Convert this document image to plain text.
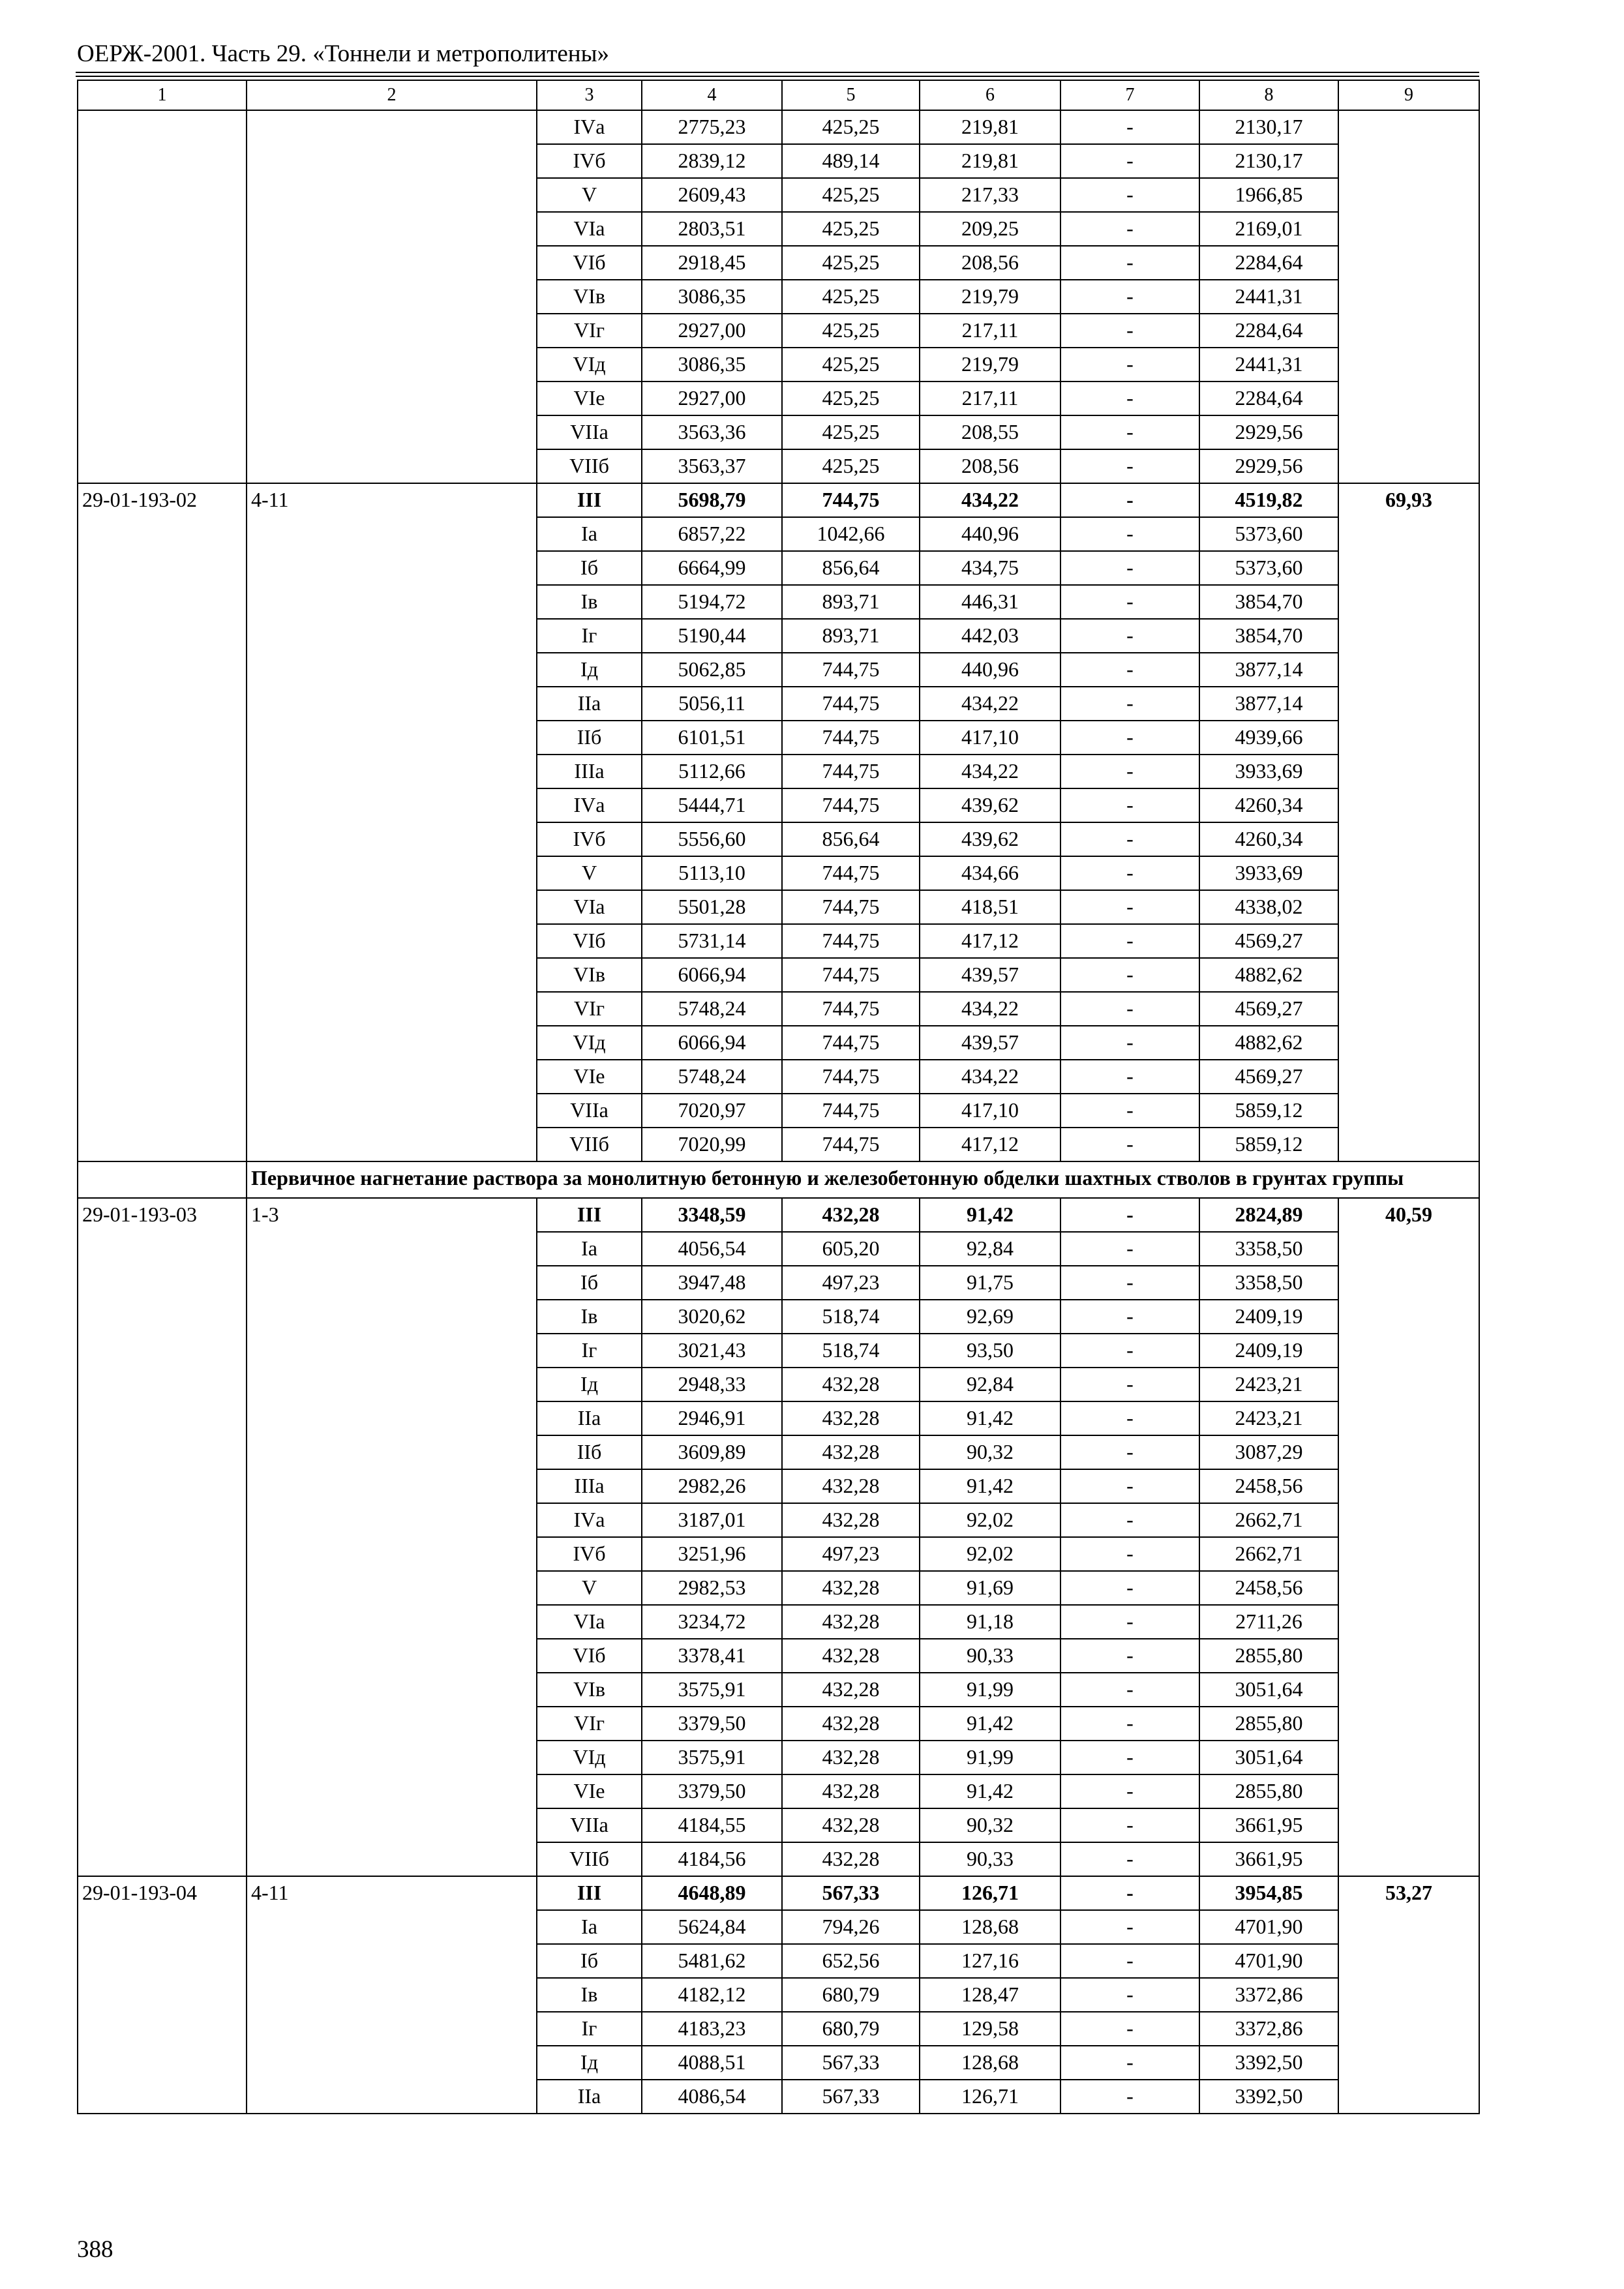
ОЕРЖ-2001. Часть 29. «Тоннели и метрополитены»
1	2	3	4	5	6	7	8	9
		IVа	2775,23	425,25	219,81	-	2130,17	
		IVб	2839,12	489,14	219,81	-	2130,17	
		V	2609,43	425,25	217,33	-	1966,85	
		VIа	2803,51	425,25	209,25	-	2169,01	
		VIб	2918,45	425,25	208,56	-	2284,64	
		VIв	3086,35	425,25	219,79	-	2441,31	
		VIг	2927,00	425,25	217,11	-	2284,64	
		VIд	3086,35	425,25	219,79	-	2441,31	
		VIе	2927,00	425,25	217,11	-	2284,64	
		VIIа	3563,36	425,25	208,55	-	2929,56	
		VIIб	3563,37	425,25	208,56	-	2929,56	
29-01-193-02	4-11	III	5698,79	744,75	434,22	-	4519,82	69,93
		Iа	6857,22	1042,66	440,96	-	5373,60	
		Iб	6664,99	856,64	434,75	-	5373,60	
		Iв	5194,72	893,71	446,31	-	3854,70	
		Iг	5190,44	893,71	442,03	-	3854,70	
		Iд	5062,85	744,75	440,96	-	3877,14	
		IIа	5056,11	744,75	434,22	-	3877,14	
		IIб	6101,51	744,75	417,10	-	4939,66	
		IIIа	5112,66	744,75	434,22	-	3933,69	
		IVа	5444,71	744,75	439,62	-	4260,34	
		IVб	5556,60	856,64	439,62	-	4260,34	
		V	5113,10	744,75	434,66	-	3933,69	
		VIа	5501,28	744,75	418,51	-	4338,02	
		VIб	5731,14	744,75	417,12	-	4569,27	
		VIв	6066,94	744,75	439,57	-	4882,62	
		VIг	5748,24	744,75	434,22	-	4569,27	
		VIд	6066,94	744,75	439,57	-	4882,62	
		VIе	5748,24	744,75	434,22	-	4569,27	
		VIIа	7020,97	744,75	417,10	-	5859,12	
		VIIб	7020,99	744,75	417,12	-	5859,12	
	Первичное нагнетание раствора за монолитную бетонную и железобетонную обделки шахтных стволов в грунтах группы							
29-01-193-03	1-3	III	3348,59	432,28	91,42	-	2824,89	40,59
		Iа	4056,54	605,20	92,84	-	3358,50	
		Iб	3947,48	497,23	91,75	-	3358,50	
		Iв	3020,62	518,74	92,69	-	2409,19	
		Iг	3021,43	518,74	93,50	-	2409,19	
		Iд	2948,33	432,28	92,84	-	2423,21	
		IIа	2946,91	432,28	91,42	-	2423,21	
		IIб	3609,89	432,28	90,32	-	3087,29	
		IIIа	2982,26	432,28	91,42	-	2458,56	
		IVа	3187,01	432,28	92,02	-	2662,71	
		IVб	3251,96	497,23	92,02	-	2662,71	
		V	2982,53	432,28	91,69	-	2458,56	
		VIа	3234,72	432,28	91,18	-	2711,26	
		VIб	3378,41	432,28	90,33	-	2855,80	
		VIв	3575,91	432,28	91,99	-	3051,64	
		VIг	3379,50	432,28	91,42	-	2855,80	
		VIд	3575,91	432,28	91,99	-	3051,64	
		VIе	3379,50	432,28	91,42	-	2855,80	
		VIIа	4184,55	432,28	90,32	-	3661,95	
		VIIб	4184,56	432,28	90,33	-	3661,95	
29-01-193-04	4-11	III	4648,89	567,33	126,71	-	3954,85	53,27
		Iа	5624,84	794,26	128,68	-	4701,90	
		Iб	5481,62	652,56	127,16	-	4701,90	
		Iв	4182,12	680,79	128,47	-	3372,86	
		Iг	4183,23	680,79	129,58	-	3372,86	
		Iд	4088,51	567,33	128,68	-	3392,50	
		IIа	4086,54	567,33	126,71	-	3392,50	
388
